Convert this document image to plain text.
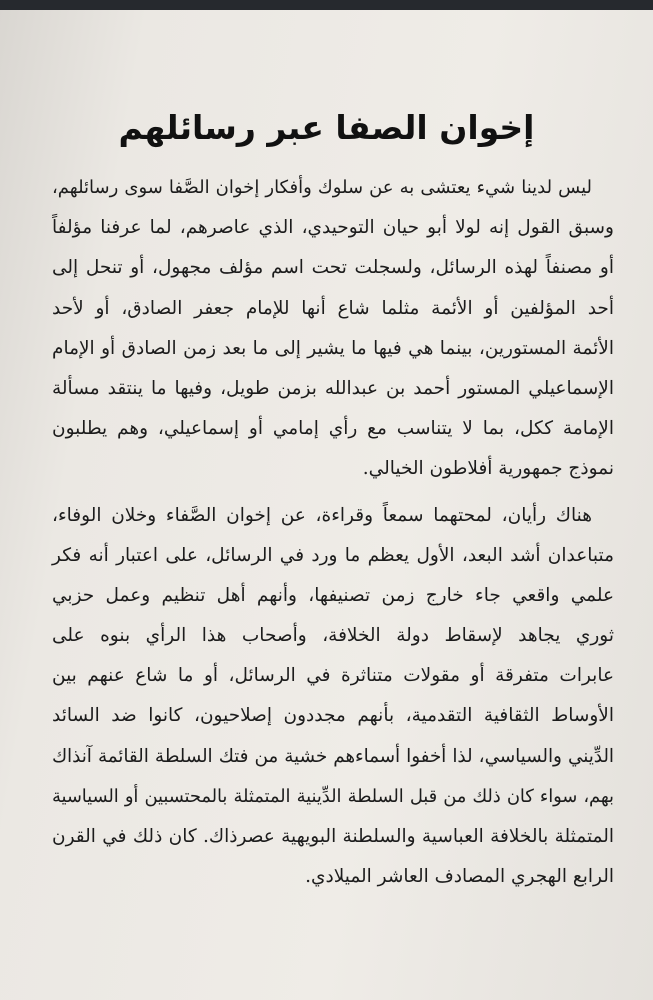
إخوان الصفا عبر رسائلهم
ليس لدينا شيء يعتشى به عن سلوك وأفكار إخوان الصَّفا سوى رسائلهم،
وسبق القول إنه لولا أبو حيان التوحيدي، الذي عاصرهم، لما عرفنا مؤلفاً
أو مصنفاً لهذه الرسائل، ولسجلت تحت اسم مؤلف مجهول، أو تنحل إلى
أحد المؤلفين أو الأئمة مثلما شاع أنها للإمام جعفر الصادق، أو لأحد
الأئمة المستورين، بينما هي فيها ما يشير إلى ما بعد زمن الصادق أو الإمام
الإسماعيلي المستور أحمد بن عبدالله بزمن طويل، وفيها ما ينتقد مسألة
الإمامة ككل، بما لا يتناسب مع رأي إمامي أو إسماعيلي، وهم يطلبون
نموذج جمهورية أفلاطون الخيالي.
هناك رأيان، لمحتهما سمعاً وقراءة، عن إخوان الصَّفاء وخلان الوفاء،
متباعدان أشد البعد، الأول يعظم ما ورد في الرسائل، على اعتبار أنه فكر
علمي واقعي جاء خارج زمن تصنيفها، وأنهم أهل تنظيم وعمل حزبي
ثوري يجاهد لإسقاط دولة الخلافة، وأصحاب هذا الرأي بنوه على
عابرات متفرقة أو مقولات متناثرة في الرسائل، أو ما شاع عنهم بين
الأوساط الثقافية التقدمية، بأنهم مجددون إصلاحيون، كانوا ضد السائد
الدِّيني والسياسي، لذا أخفوا أسماءهم خشية من فتك السلطة القائمة آنذاك
بهم، سواء كان ذلك من قبل السلطة الدِّينية المتمثلة بالمحتسبين أو السياسية
المتمثلة بالخلافة العباسية والسلطنة البويهية عصرذاك. كان ذلك في القرن
الرابع الهجري المصادف العاشر الميلادي.
